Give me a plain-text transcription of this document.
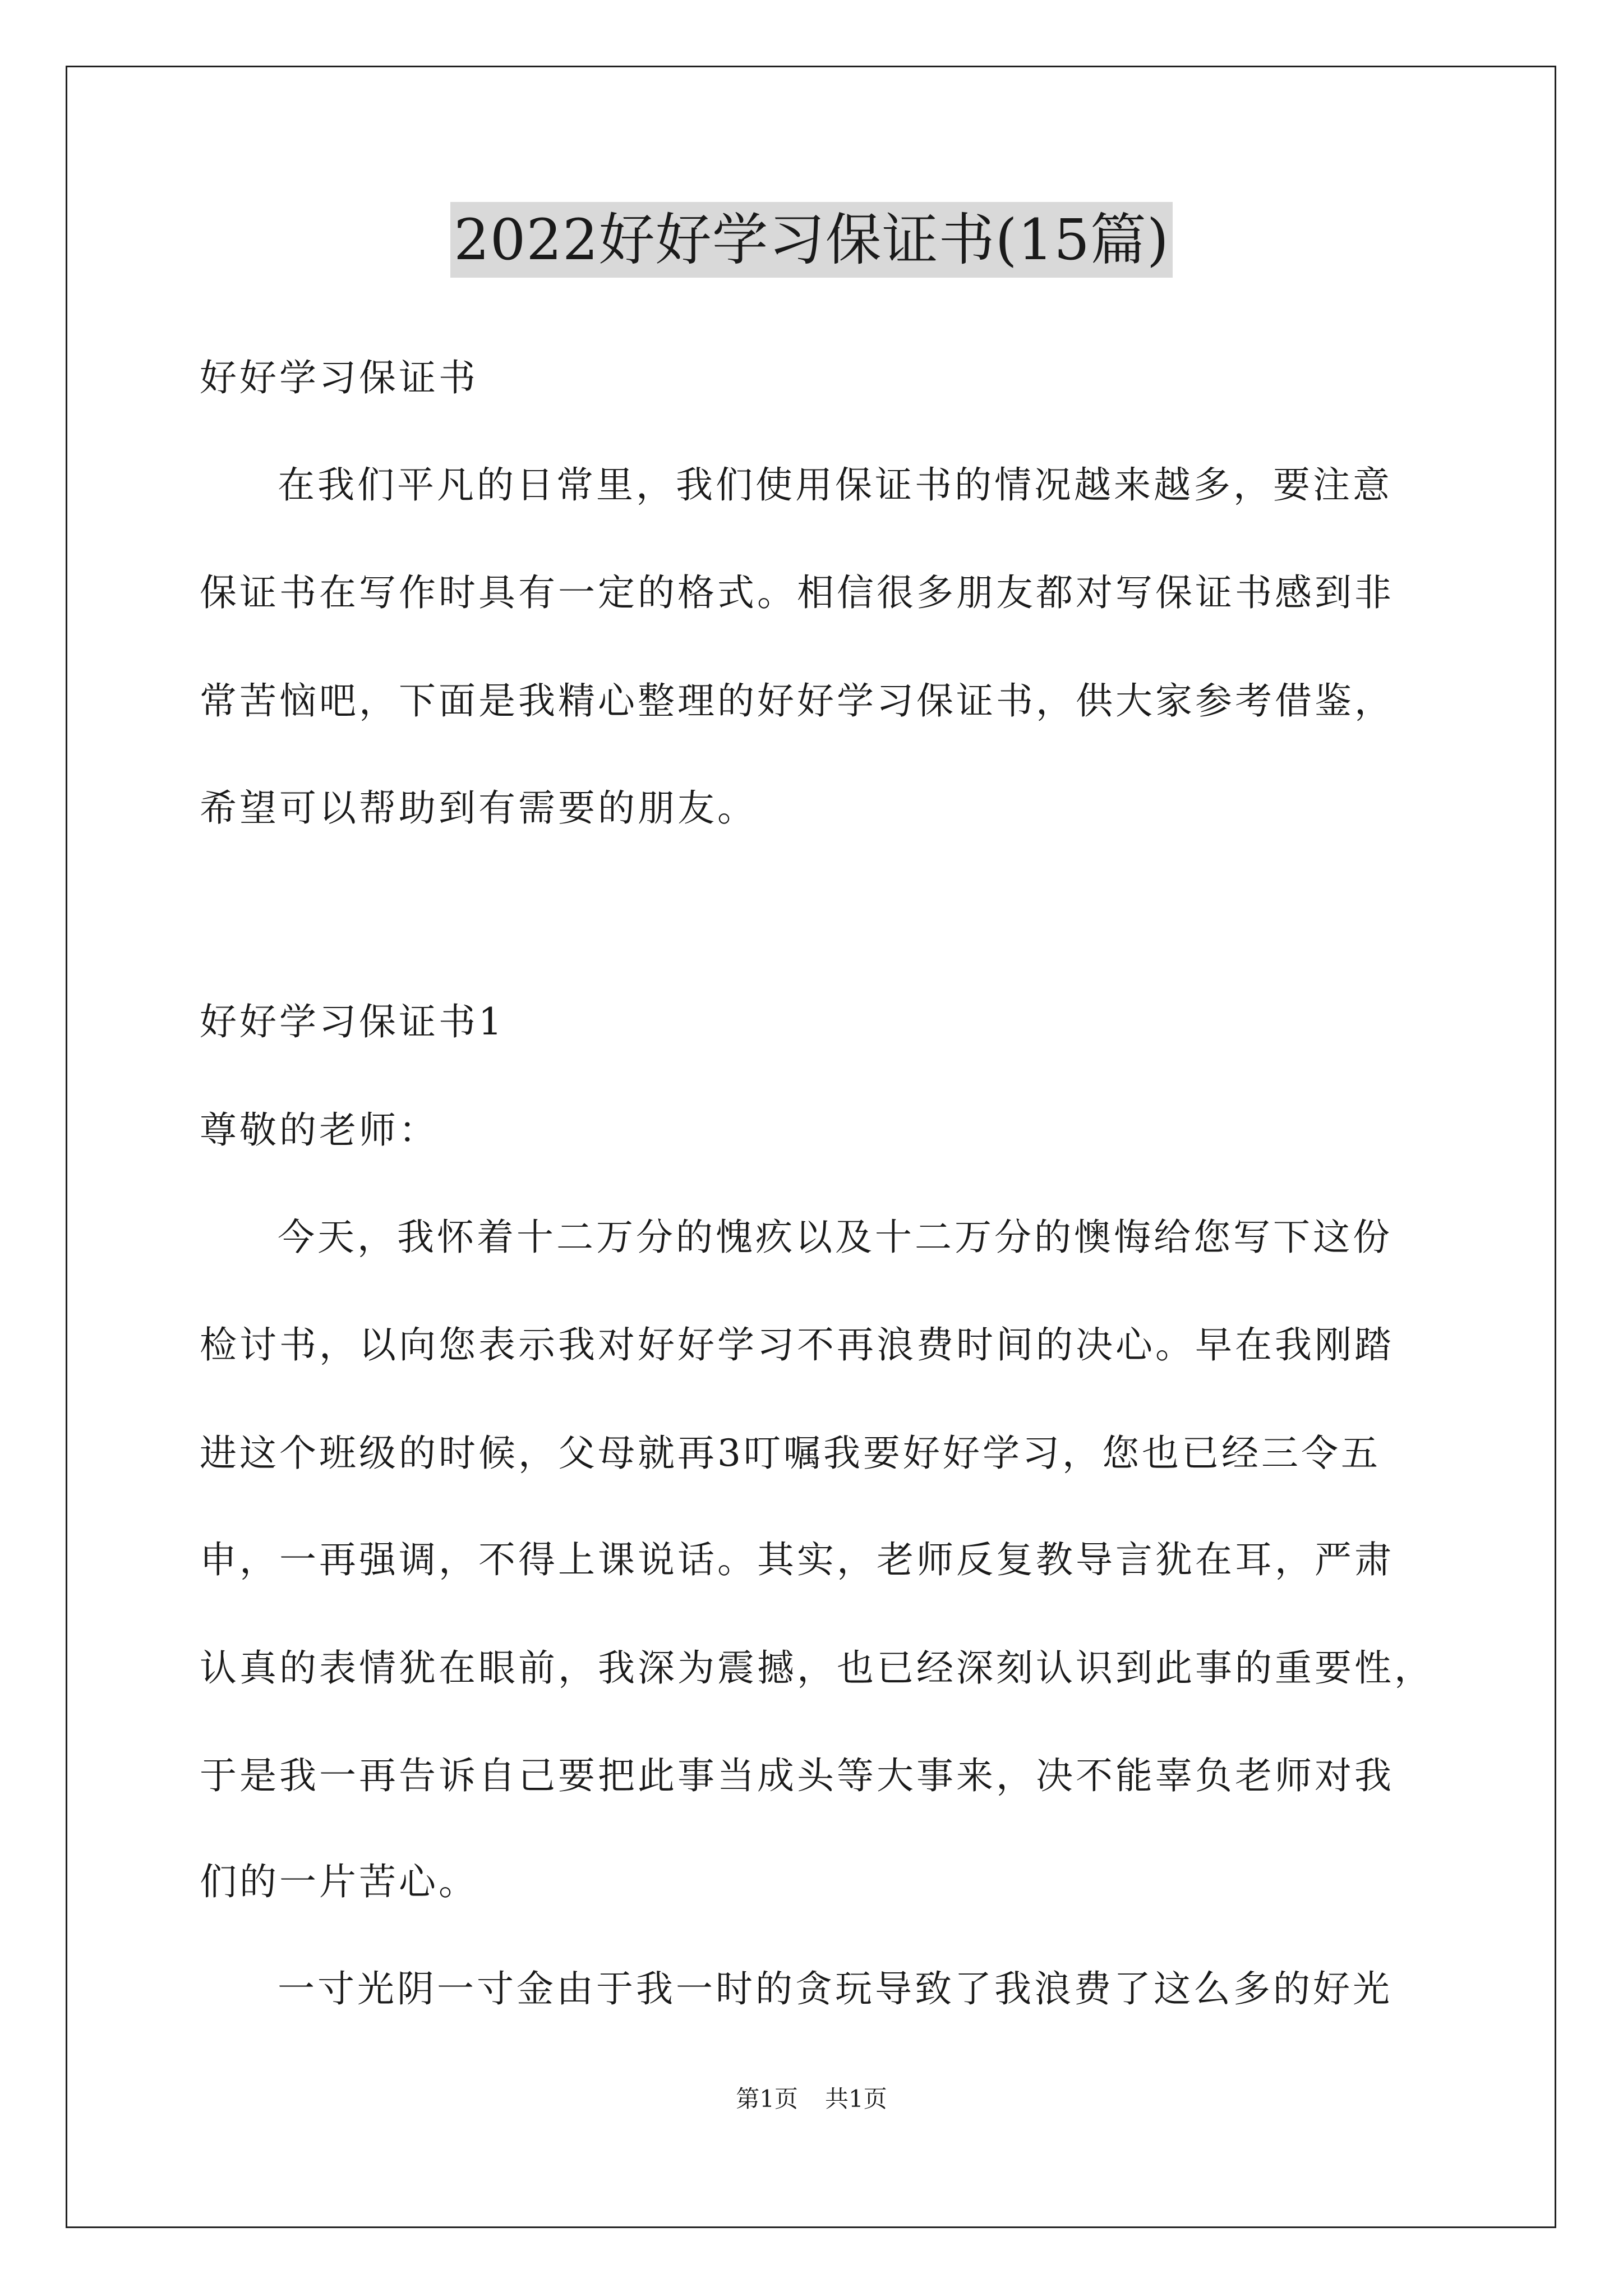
2022好好学习保证书(15篇)
好好学习保证书
在我们平凡的日常里，我们使用保证书的情况越来越多，要注意
保证书在写作时具有一定的格式。相信很多朋友都对写保证书感到非
常苦恼吧，下面是我精心整理的好好学习保证书，供大家参考借鉴，
希望可以帮助到有需要的朋友。
好好学习保证书1
尊敬的老师：
今天，我怀着十二万分的愧疚以及十二万分的懊悔给您写下这份
检讨书，以向您表示我对好好学习不再浪费时间的决心。早在我刚踏
进这个班级的时候，父母就再3叮嘱我要好好学习，您也已经三令五
申，一再强调，不得上课说话。其实，老师反复教导言犹在耳，严肃
认真的表情犹在眼前，我深为震撼，也已经深刻认识到此事的重要性，
于是我一再告诉自己要把此事当成头等大事来，决不能辜负老师对我
们的一片苦心。
一寸光阴一寸金由于我一时的贪玩导致了我浪费了这么多的好光
第1页 共1页
